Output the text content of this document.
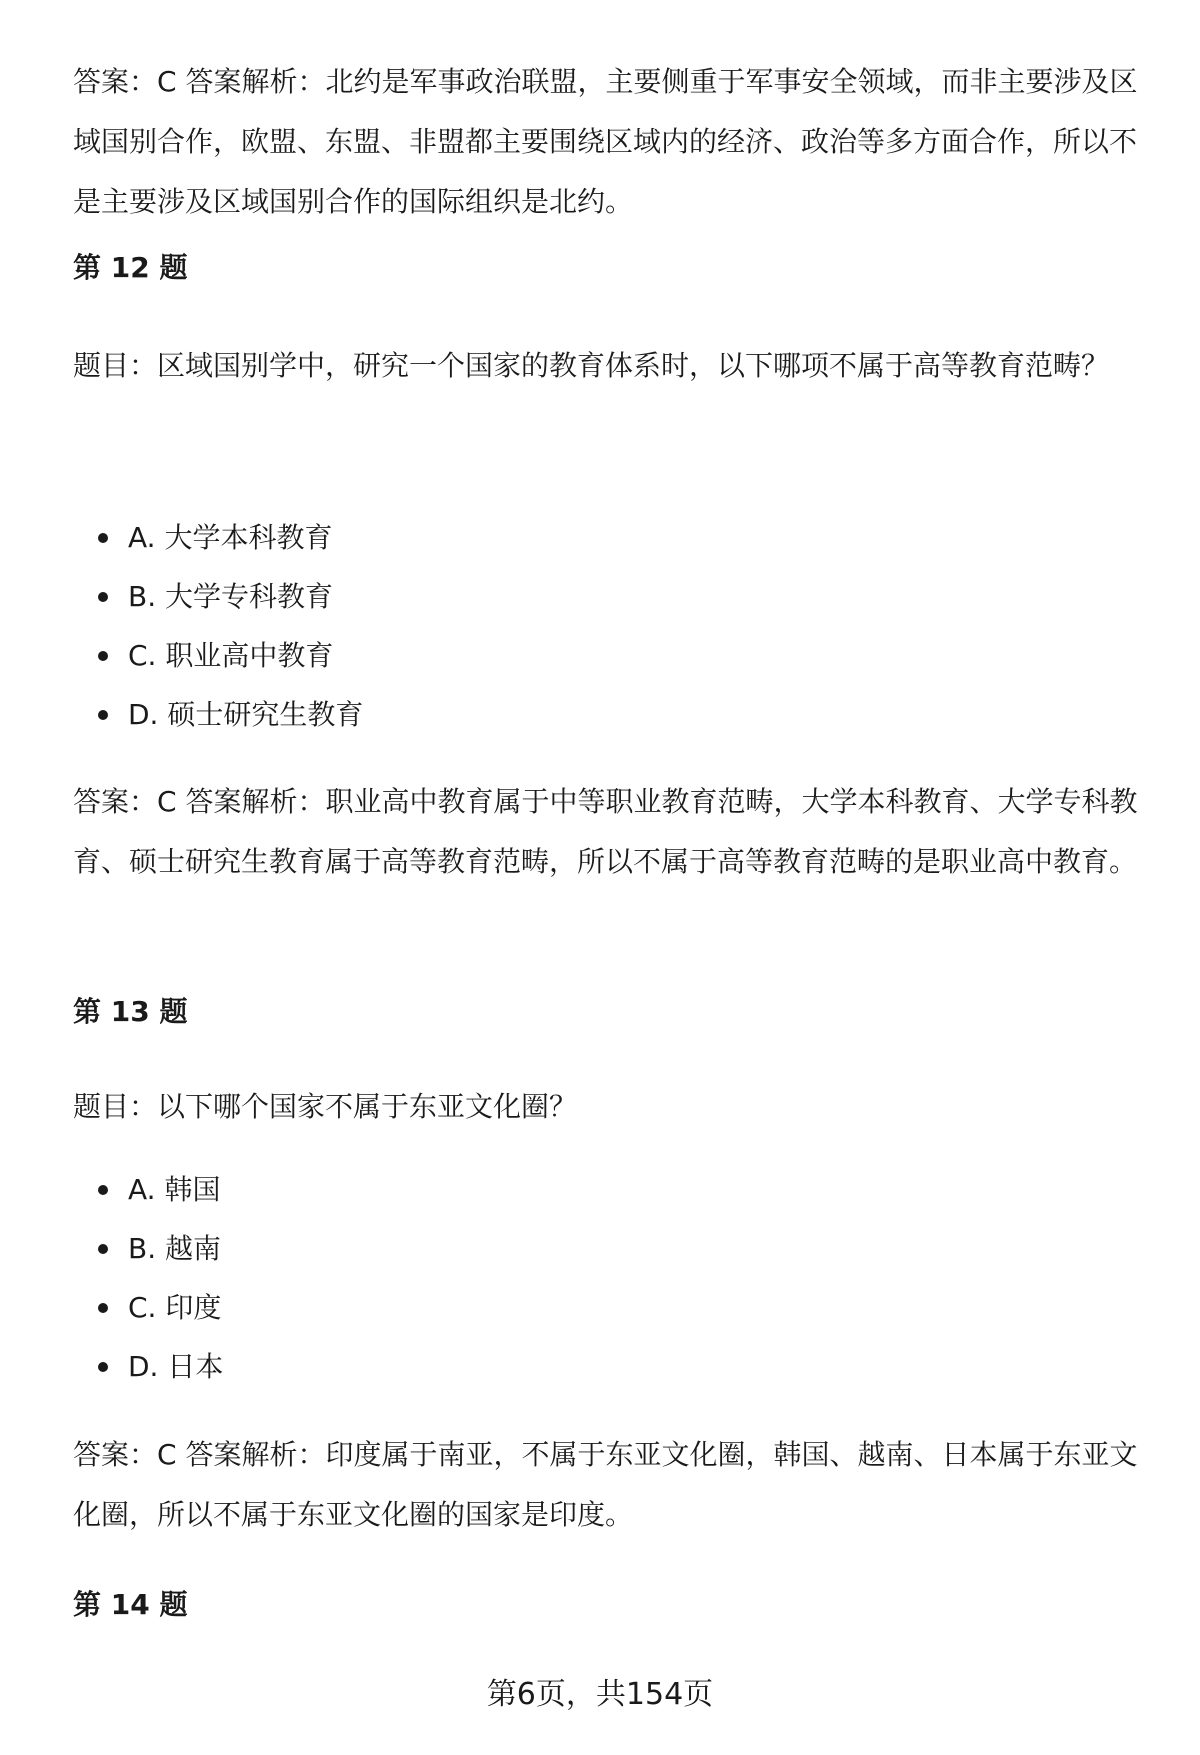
答案：C 答案解析：北约是军事政治联盟，主要侧重于军事安全领域，而非主要涉及区域国别合作，欧盟、东盟、非盟都主要围绕区域内的经济、政治等多方面合作，所以不是主要涉及区域国别合作的国际组织是北约。

第 12 题

题目：区域国别学中，研究一个国家的教育体系时，以下哪项不属于高等教育范畴？

A. 大学本科教育
B. 大学专科教育
C. 职业高中教育
D. 硕士研究生教育

答案：C 答案解析：职业高中教育属于中等职业教育范畴，大学本科教育、大学专科教育、硕士研究生教育属于高等教育范畴，所以不属于高等教育范畴的是职业高中教育。

第 13 题

题目：以下哪个国家不属于东亚文化圈？

A. 韩国
B. 越南
C. 印度
D. 日本

答案：C 答案解析：印度属于南亚，不属于东亚文化圈，韩国、越南、日本属于东亚文化圈，所以不属于东亚文化圈的国家是印度。

第 14 题
第6页，共154页
